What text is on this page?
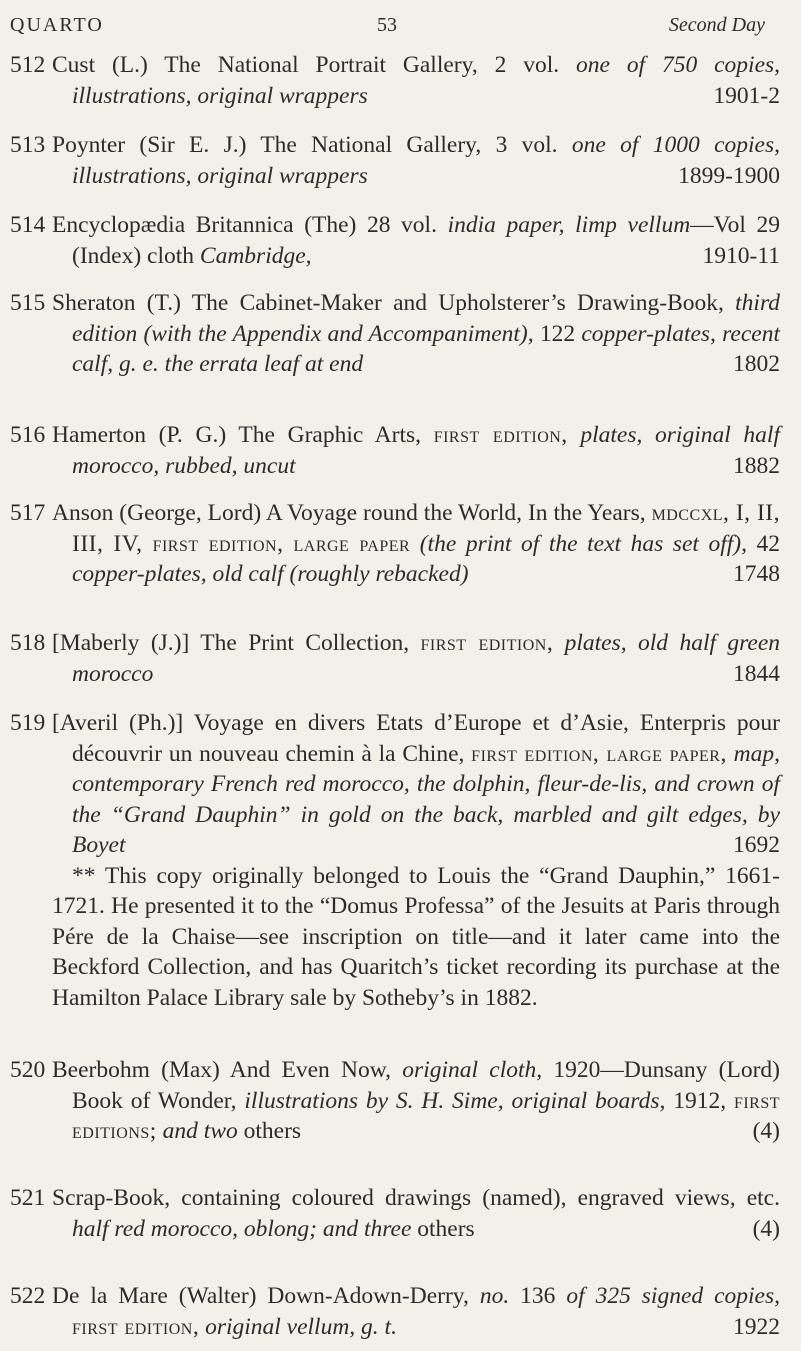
QUARTO	53	Second Day
512 Cust (L.) The National Portrait Gallery, 2 vol. one of 750 copies, illustrations, original wrappers	1901-2
513 Poynter (Sir E. J.) The National Gallery, 3 vol. one of 1000 copies, illustrations, original wrappers	1899-1900
514 Encyclopædia Britannica (The) 28 vol. india paper, limp vellum—Vol 29 (Index) cloth Cambridge,	1910-11
515 Sheraton (T.) The Cabinet-Maker and Upholsterer’s Drawing-Book, third edition (with the Appendix and Accompaniment), 122 copper-plates, recent calf, g. e. the errata leaf at end	1802
516 Hamerton (P. G.) The Graphic Arts, first edition, plates, original half morocco, rubbed, uncut	1882
517 Anson (George, Lord) A Voyage round the World, In the Years, mdccxl, I, II, III, IV, first edition, large paper (the print of the text has set off), 42 copper-plates, old calf (roughly rebacked)	1748
518 [Maberly (J.)] The Print Collection, first edition, plates, old half green morocco	1844
519 [Averil (Ph.)] Voyage en divers Etats d’Europe et d’Asie, Enterpris pour découvrir un nouveau chemin à la Chine, first edition, large paper, map, contemporary French red morocco, the dolphin, fleur-de-lis, and crown of the “Grand Dauphin” in gold on the back, marbled and gilt edges, by Boyet	1692
** This copy originally belonged to Louis the “Grand Dauphin,” 1661-1721. He presented it to the “Domus Professa” of the Jesuits at Paris through Pére de la Chaise—see inscription on title—and it later came into the Beckford Collection, and has Quaritch’s ticket recording its purchase at the Hamilton Palace Library sale by Sotheby’s in 1882.
520 Beerbohm (Max) And Even Now, original cloth, 1920—Dunsany (Lord) Book of Wonder, illustrations by S. H. Sime, original boards, 1912, first editions; and two others	(4)
521 Scrap-Book, containing coloured drawings (named), engraved views, etc. half red morocco, oblong; and three others	(4)
522 De la Mare (Walter) Down-Adown-Derry, no. 136 of 325 signed copies, first edition, original vellum, g. t.	1922
